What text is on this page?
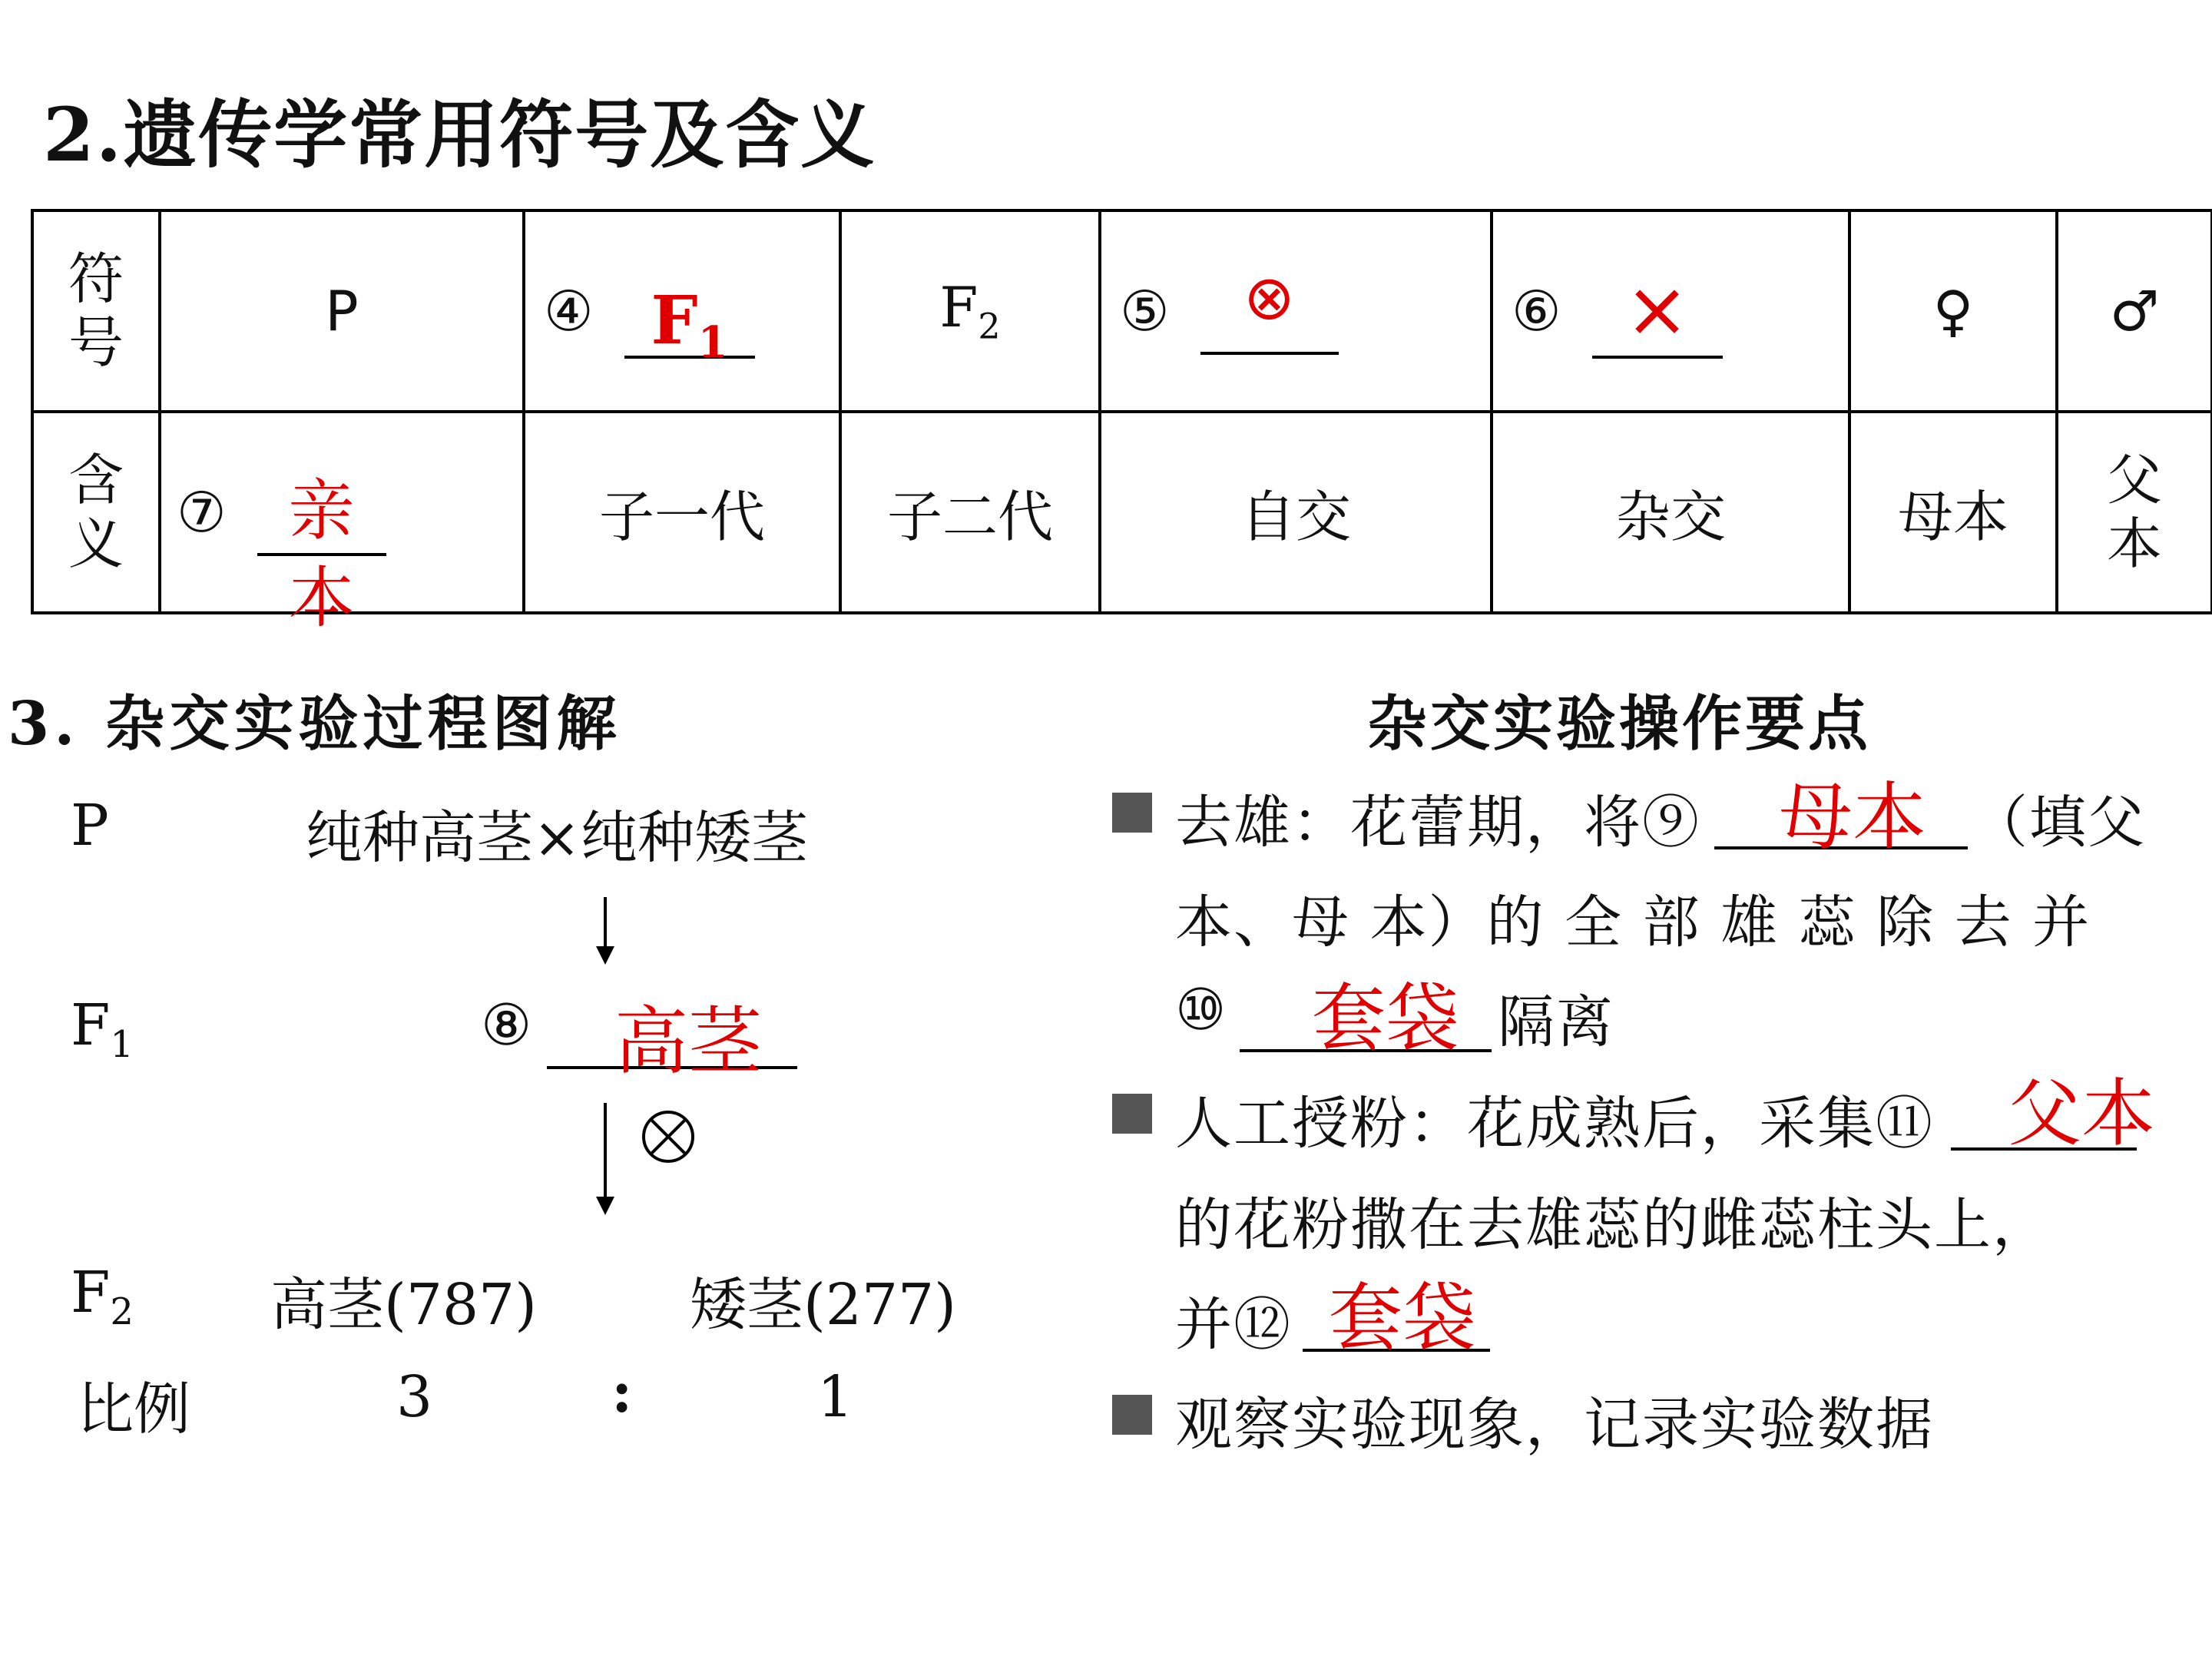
2.遗传学常用符号及含义
符号	P	④ $F_1$	$F_2$	⑤ ⊗	⑥ ×	♀	♂
含义	⑦ 亲本	子一代	子二代	自交	杂交	母本	父本
3. 杂交实验过程图解
P	纯种高茎×纯种矮茎
$F_1$	⑧ 高茎
$F_2$ 高茎(787)	矮茎(277)
比例	3	:	1
杂交实验操作要点
去雄：花蕾期，将⑨ 母本 （填父
本、母 本）的 全 部 雄 蕊 除 去 并
⑩ 套袋 隔离
人工授粉：花成熟后，采集⑪ 父本
的花粉撒在去雄蕊的雌蕊柱头上，
并⑫ 套袋
观察实验现象，记录实验数据
